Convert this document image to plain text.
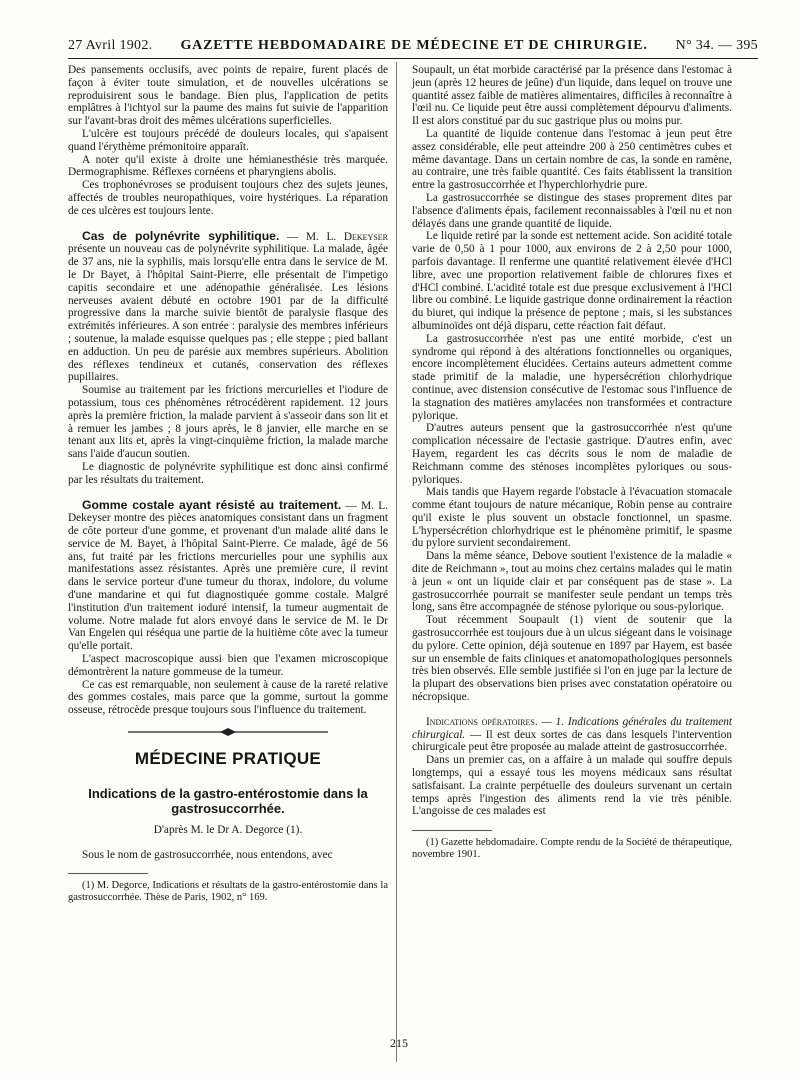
27 Avril 1902. GAZETTE HEBDOMADAIRE DE MÉDECINE ET DE CHIRURGIE. N° 34. — 395

Des pansements occlusifs, avec points de repaire, furent placés de façon à éviter toute simulation, et de nouvelles ulcérations se reproduisirent sous le bandage. Bien plus, l'application de petits emplâtres à l'ichtyol sur la paume des mains fut suivie de l'apparition sur l'avant-bras droit des mêmes ulcérations superficielles.

L'ulcère est toujours précédé de douleurs locales, qui s'apaisent quand l'érythème prémonitoire apparaît.

A noter qu'il existe à droite une hémianesthésie très marquée. Dermographisme. Réflexes cornéens et pharyngiens abolis.

Ces trophonévroses se produisent toujours chez des sujets jeunes, affectés de troubles neuropathiques, voire hystériques. La réparation de ces ulcères est toujours lente.

Cas de polynévrite syphilitique. — M. L. Dekeyser présente un nouveau cas de polynévrite syphilitique. La malade, âgée de 37 ans, nie la syphilis, mais lorsqu'elle entra dans le service de M. le Dr Bayet, à l'hôpital Saint-Pierre, elle présentait de l'impetigo capitis secondaire et une adénopathie généralisée. Les lésions nerveuses avaient débuté en octobre 1901 par de la difficulté progressive dans la marche suivie bientôt de paralysie flasque des extrémités inférieures. A son entrée : paralysie des membres inférieurs ; soutenue, la malade esquisse quelques pas ; elle steppe ; pied ballant en adduction. Un peu de parésie aux membres supérieurs. Abolition des réflexes tendineux et cutanés, conservation des réflexes pupillaires.

Soumise au traitement par les frictions mercurielles et l'iodure de potassium, tous ces phénomènes rétrocédèrent rapidement. 12 jours après la première friction, la malade parvient à s'asseoir dans son lit et à remuer les jambes ; 8 jours après, le 8 janvier, elle marche en se tenant aux lits et, après la vingt-cinquième friction, la malade marche sans l'aide d'aucun soutien.

Le diagnostic de polynévrite syphilitique est donc ainsi confirmé par les résultats du traitement.

Gomme costale ayant résisté au traitement. — M. L. Dekeyser montre des pièces anatomiques consistant dans un fragment de côte porteur d'une gomme, et provenant d'un malade alité dans le service de M. Bayet, à l'hôpital Saint-Pierre. Ce malade, âgé de 56 ans, fut traité par les frictions mercurielles pour une syphilis aux manifestations assez résistantes. Après une première cure, il revint dans le service porteur d'une tumeur du thorax, indolore, du volume d'une mandarine et qui fut diagnostiquée gomme costale. Malgré l'institution d'un traitement ioduré intensif, la tumeur augmentait de volume. Notre malade fut alors envoyé dans le service de M. le Dr Van Engelen qui réséqua une partie de la huitième côte avec la tumeur qu'elle portait.

L'aspect macroscopique aussi bien que l'examen microscopique démontrèrent la nature gommeuse de la tumeur.

Ce cas est remarquable, non seulement à cause de la rareté relative des gommes costales, mais parce que la gomme, surtout la gomme osseuse, rétrocède presque toujours sous l'influence du traitement.

MÉDECINE PRATIQUE
Indications de la gastro-entérostomie dans la gastrosuccorrhée.
D'après M. le Dr A. Degorce (1).

Sous le nom de gastrosuccorrhée, nous entendons, avec

(1) M. Degorce, Indications et résultats de la gastro-entérostomie dans la gastrosuccorrhée. Thèse de Paris, 1902, n° 169.

Soupault, un état morbide caractérisé par la présence dans l'estomac à jeun (après 12 heures de jeûne) d'un liquide, dans lequel on trouve une quantité assez faible de matières alimentaires, difficiles à reconnaître à l'œil nu. Ce liquide peut être aussi complètement dépourvu d'aliments. Il est alors constitué par du suc gastrique plus ou moins pur.

La quantité de liquide contenue dans l'estomac à jeun peut être assez considérable, elle peut atteindre 200 à 250 centimètres cubes et même davantage. Dans un certain nombre de cas, la sonde en ramène, au contraire, une très faible quantité. Ces faits établissent la transition entre la gastrosuccorrhée et l'hyperchlorhydrie pure.

La gastrosuccorrhée se distingue des stases proprement dites par l'absence d'aliments épais, facilement reconnaissables à l'œil nu et non délayés dans une grande quantité de liquide.

Le liquide retiré par la sonde est nettement acide. Son acidité totale varie de 0,50 à 1 pour 1000, aux environs de 2 à 2,50 pour 1000, parfois davantage. Il renferme une quantité relativement élevée d'HCl libre, avec une proportion relativement faible de chlorures fixes et d'HCl combiné. L'acidité totale est due presque exclusivement à l'HCl libre ou combiné. Le liquide gastrique donne ordinairement la réaction du biuret, qui indique la présence de peptone ; mais, si les substances albuminoïdes ont déjà disparu, cette réaction fait défaut.

La gastrosuccorrhée n'est pas une entité morbide, c'est un syndrome qui répond à des altérations fonctionnelles ou organiques, encore incomplètement élucidées. Certains auteurs admettent comme stade primitif de la maladie, une hypersécrétion chlorhydrique continue, avec distension consécutive de l'estomac sous l'influence de la stagnation des matières amylacées non transformées et contracture pylorique.

D'autres auteurs pensent que la gastrosuccorrhée n'est qu'une complication nécessaire de l'ectasie gastrique. D'autres enfin, avec Hayem, regardent les cas décrits sous le nom de maladie de Reichmann comme des sténoses incomplètes pyloriques ou sous-pyloriques.

Mais tandis que Hayem regarde l'obstacle à l'évacuation stomacale comme étant toujours de nature mécanique, Robin pense au contraire qu'il existe le plus souvent un obstacle fonctionnel, un spasme. L'hypersécrétion chlorhydrique est le phénomène primitif, le spasme du pylore survient secondairement.

Dans la même séance, Debove soutient l'existence de la maladie « dite de Reichmann », tout au moins chez certains malades qui le matin à jeun « ont un liquide clair et par conséquent pas de stase ». La gastrosuccorrhée pourrait se manifester seule pendant un temps très long, sans être accompagnée de sténose pylorique ou sous-pylorique.

Tout récemment Soupault (1) vient de soutenir que la gastrosuccorrhée est toujours due à un ulcus siégeant dans le voisinage du pylore. Cette opinion, déjà soutenue en 1897 par Hayem, est basée sur un ensemble de faits cliniques et anatomopathologiques personnels très bien observés. Elle semble justifiée si l'on en juge par la lecture de la plupart des observations bien prises avec constatation opératoire ou nécropsique.

Indications opératoires. — 1. Indications générales du traitement chirurgical. — Il est deux sortes de cas dans lesquels l'intervention chirurgicale peut être proposée au malade atteint de gastrosuccorrhée.

Dans un premier cas, on a affaire à un malade qui souffre depuis longtemps, qui a essayé tous les moyens médicaux sans résultat satisfaisant. La crainte perpétuelle des douleurs survenant un certain temps après l'ingestion des aliments rend la vie très pénible. L'angoisse de ces malades est

(1) Gazette hebdomadaire. Compte rendu de la Société de thérapeutique, novembre 1901.

215
